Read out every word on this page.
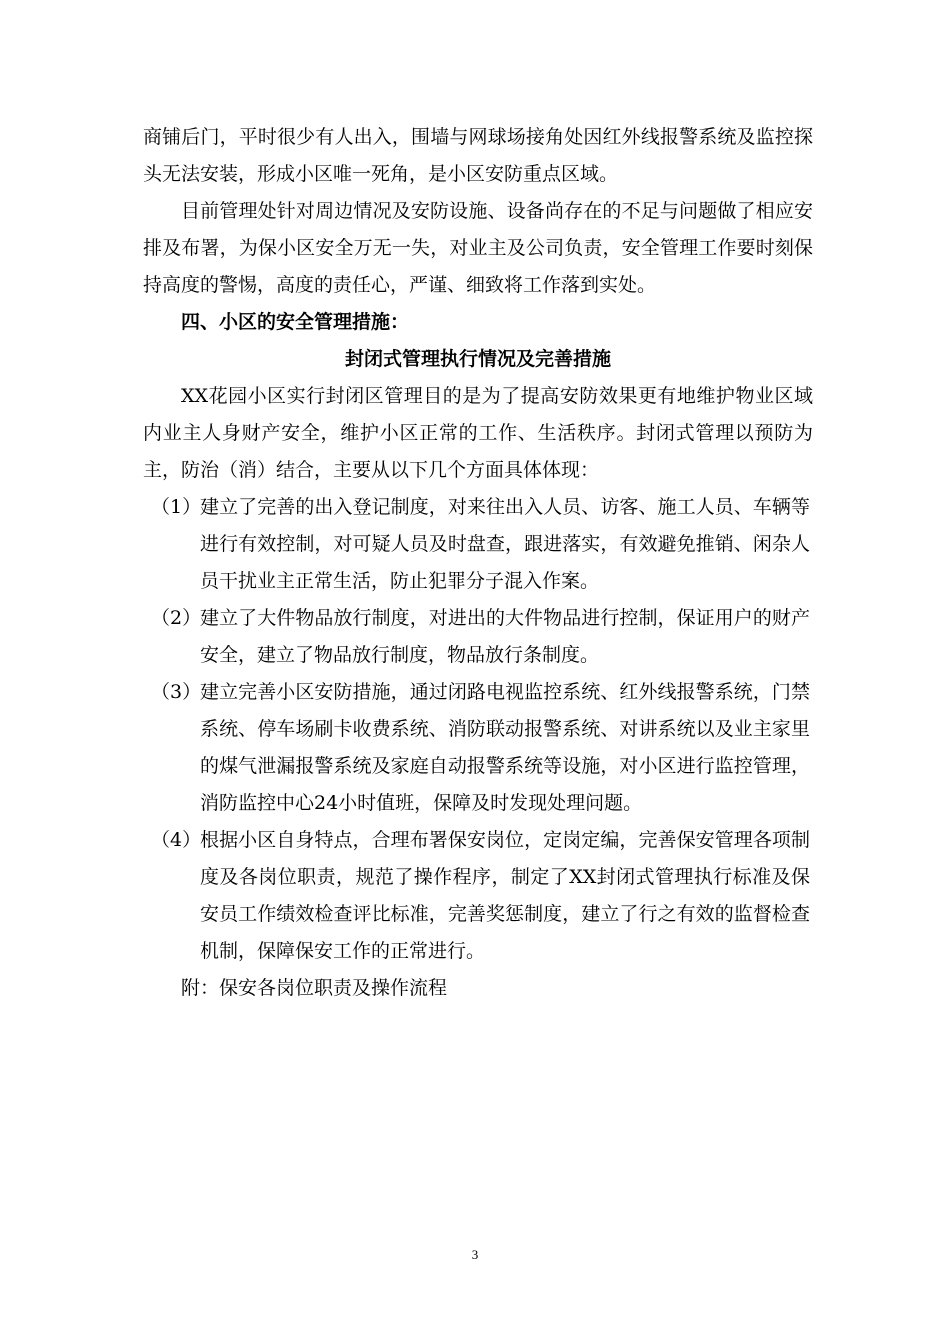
商铺后门，平时很少有人出入，围墙与网球场接角处因红外线报警系统及监控探头无法安装，形成小区唯一死角，是小区安防重点区域。

目前管理处针对周边情况及安防设施、设备尚存在的不足与问题做了相应安排及布署，为保小区安全万无一失，对业主及公司负责，安全管理工作要时刻保持高度的警惕，高度的责任心，严谨、细致将工作落到实处。

四、小区的安全管理措施：

封闭式管理执行情况及完善措施

XX花园小区实行封闭区管理目的是为了提高安防效果更有地维护物业区域内业主人身财产安全，维护小区正常的工作、生活秩序。封闭式管理以预防为主，防治（消）结合，主要从以下几个方面具体体现：

（1）
建立了完善的出入登记制度，对来往出入人员、访客、施工人员、车辆等进行有效控制，对可疑人员及时盘查，跟进落实，有效避免推销、闲杂人员干扰业主正常生活，防止犯罪分子混入作案。
（2）
建立了大件物品放行制度，对进出的大件物品进行控制，保证用户的财产安全，建立了物品放行制度，物品放行条制度。
（3）
建立完善小区安防措施，通过闭路电视监控系统、红外线报警系统，门禁系统、停车场刷卡收费系统、消防联动报警系统、对讲系统以及业主家里的煤气泄漏报警系统及家庭自动报警系统等设施，对小区进行监控管理，消防监控中心24小时值班，保障及时发现处理问题。
（4）
根据小区自身特点，合理布署保安岗位，定岗定编，完善保安管理各项制度及各岗位职责，规范了操作程序，制定了XX封闭式管理执行标准及保安员工作绩效检查评比标准，完善奖惩制度，建立了行之有效的监督检查机制，保障保安工作的正常进行。

附：保安各岗位职责及操作流程

3
